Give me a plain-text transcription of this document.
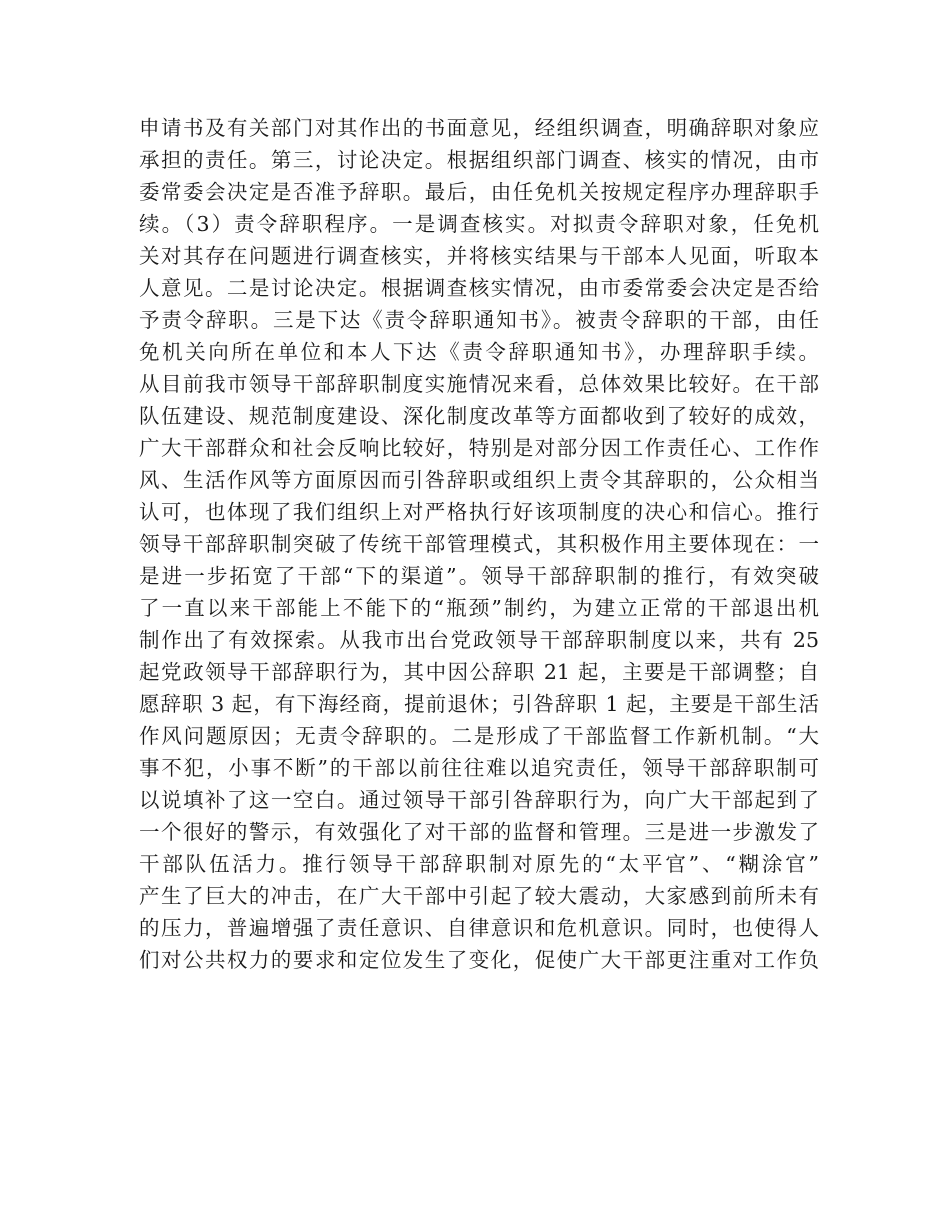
申请书及有关部门对其作出的书面意见，经组织调查，明确辞职对象应
承担的责任。第三，讨论决定。根据组织部门调查、核实的情况，由市
委常委会决定是否准予辞职。最后，由任免机关按规定程序办理辞职手
续。（3）责令辞职程序。一是调查核实。对拟责令辞职对象，任免机
关对其存在问题进行调查核实，并将核实结果与干部本人见面，听取本
人意见。二是讨论决定。根据调查核实情况，由市委常委会决定是否给
予责令辞职。三是下达《责令辞职通知书》。被责令辞职的干部，由任
免机关向所在单位和本人下达《责令辞职通知书》，办理辞职手续。
从目前我市领导干部辞职制度实施情况来看，总体效果比较好。在干部
队伍建设、规范制度建设、深化制度改革等方面都收到了较好的成效，
广大干部群众和社会反响比较好，特别是对部分因工作责任心、工作作
风、生活作风等方面原因而引咎辞职或组织上责令其辞职的，公众相当
认可，也体现了我们组织上对严格执行好该项制度的决心和信心。推行
领导干部辞职制突破了传统干部管理模式，其积极作用主要体现在：一
是进一步拓宽了干部“下的渠道”。领导干部辞职制的推行，有效突破
了一直以来干部能上不能下的“瓶颈”制约，为建立正常的干部退出机
制作出了有效探索。从我市出台党政领导干部辞职制度以来，共有 25
起党政领导干部辞职行为，其中因公辞职 21 起，主要是干部调整；自
愿辞职 3 起，有下海经商，提前退休；引咎辞职 1 起，主要是干部生活
作风问题原因；无责令辞职的。二是形成了干部监督工作新机制。“大
事不犯，小事不断”的干部以前往往难以追究责任，领导干部辞职制可
以说填补了这一空白。通过领导干部引咎辞职行为，向广大干部起到了
一个很好的警示，有效强化了对干部的监督和管理。三是进一步激发了
干部队伍活力。推行领导干部辞职制对原先的“太平官”、“糊涂官”
产生了巨大的冲击，在广大干部中引起了较大震动，大家感到前所未有
的压力，普遍增强了责任意识、自律意识和危机意识。同时，也使得人
们对公共权力的要求和定位发生了变化，促使广大干部更注重对工作负
